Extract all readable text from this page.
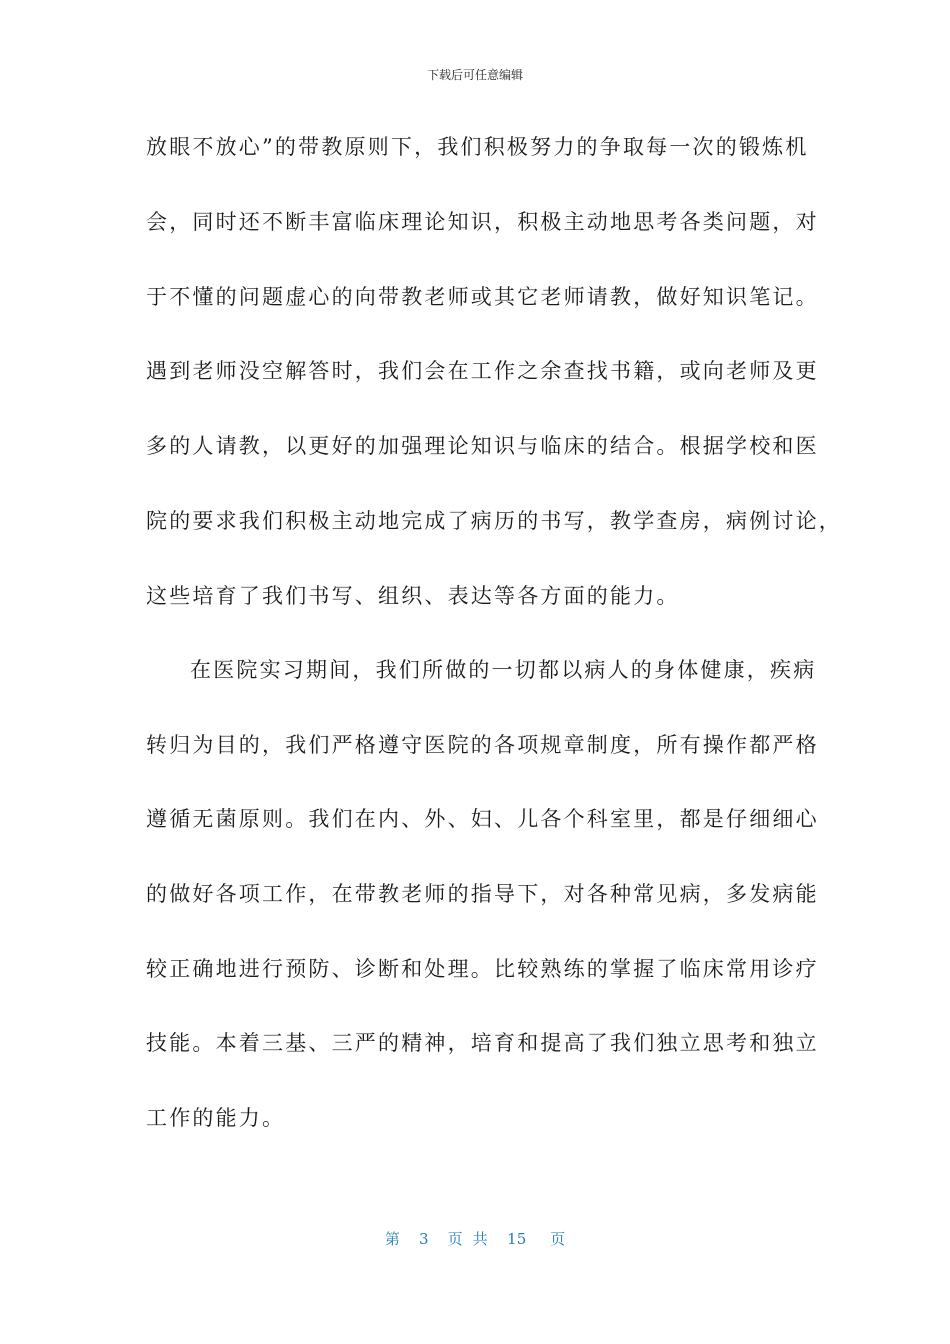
下载后可任意编辑
放眼不放心”的带教原则下，我们积极努力的争取每一次的锻炼机
会，同时还不断丰富临床理论知识，积极主动地思考各类问题，对
于不懂的问题虚心的向带教老师或其它老师请教，做好知识笔记。
遇到老师没空解答时，我们会在工作之余查找书籍，或向老师及更
多的人请教，以更好的加强理论知识与临床的结合。根据学校和医
院的要求我们积极主动地完成了病历的书写，教学查房，病例讨论，
这些培育了我们书写、组织、表达等各方面的能力。
在医院实习期间，我们所做的一切都以病人的身体健康，疾病
转归为目的，我们严格遵守医院的各项规章制度，所有操作都严格
遵循无菌原则。我们在内、外、妇、儿各个科室里，都是仔细细心
的做好各项工作，在带教老师的指导下，对各种常见病，多发病能
较正确地进行预防、诊断和处理。比较熟练的掌握了临床常用诊疗
技能。本着三基、三严的精神，培育和提高了我们独立思考和独立
工作的能力。
第 3 页共 15 页
